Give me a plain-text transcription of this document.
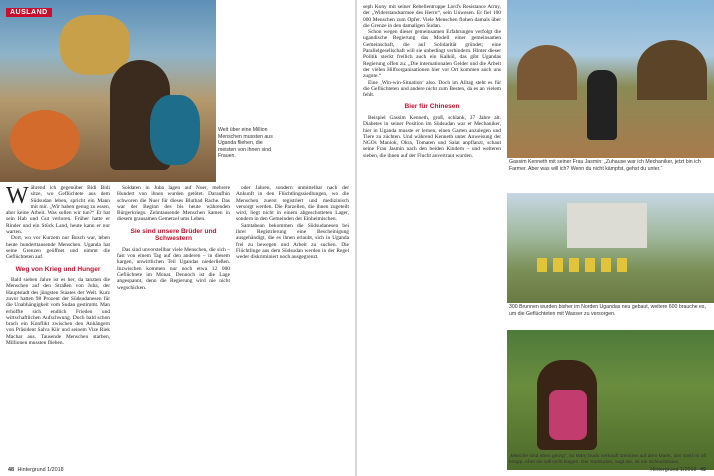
AUSLAND
Weit über eine Million Menschen mussten aus Uganda fliehen, die meisten von ihnen sind Frauen.

Während ich gegenüber Bidi Bidi sitze, wo Geflüchtete aus dem Südsudan leben, spricht ein Mann mit mir. „Wir haben genug zu essen, aber keine Arbeit. Was sollen wir tun?“ Er hat sein Hab und Gut verloren. Früher hatte er Rinder und ein Stück Land, heute kann er nur warten.

Dort, wo vor Kurzem nur Busch war, leben heute hunderttausende Menschen. Uganda hat seine Grenzen geöffnet und nimmt die Geflüchteten auf.

Weg von Krieg und Hunger

Bald sieben Jahre ist es her, da tanzten die Menschen auf den Straßen von Juba, der Hauptstadt des jüngsten Staates der Welt. Kurz zuvor hatten 98 Prozent der Südsudanesen für die Unabhängigkeit vom Sudan gestimmt. Man erhoffte sich endlich Frieden und wirtschaftlichen Aufschwung. Doch bald schon brach ein Konflikt zwischen den Anhängern von Präsident Salva Kiir und seinem Vize Riek Machar aus. Tausende Menschen starben, Millionen mussten fliehen.

Soldaten in Juba lagen auf Nuer, mehrere Hundert von ihnen wurden getötet. Daraufhin schworen die Nuer für dieses Blutbad Rache. Das war der Beginn des bis heute währenden Bürgerkriegs. Zehntausende Menschen kamen in diesem grausamen Gemetzel ums Leben.

Sie sind unsere Brüder und Schwestern

Das sind unvorstellbar viele Menschen, die sich – fast von einem Tag auf den anderen – in diesem kargen, unwirtlichen Teil Ugandas niederließen. Inzwischen kommen nur noch etwa 12 000 Geflüchtete im Monat. Dennoch ist die Lage angespannt, denn die Regierung wird nie nicht wegschicken.

oder Jahren, sondern unmittelbar nach der Ankunft in den Flüchtlingssiedlungen, wo die Menschen zuerst registriert und medizinisch versorgt werden. Die Parzellen, die ihnen zugeteilt wird, liegt nicht in einem abgeschotteten Lager, sondern in den Gemeinden der Einheimischen.

Samtabean bekommen die Südsudanesen bei ihrer Registrierung eine Bescheinigung ausgehändigt, die es ihnen erlaubt, sich in Uganda frei zu bewegen und Arbeit zu suchen. Die Flüchtlinge aus dem Südsudan werden in der Regel weder diskriminiert noch ausgegrenzt.

48 Hintergrund 1/2018

seph Kony mit seiner Rebellentruppe Lord's Resistance Army, der „Widerstandsarmee des Herrn“, sein Unwesen. Er fiel 100 000 Menschen zum Opfer. Viele Menschen flohen damals über die Grenze in den damaligen Sudan.

Schon wegen dieser gemeinsamen Erfahrungen verfolgt die ugandische Regierung das Modell einer gemeinsamen Gemeinschaft, die auf Solidarität gründet; eine Parallelgesellschaft will sie unbedingt verhindern. Hinter dieser Politik steckt freilich auch ein Kalkül, das gibt Ugandas Regierung offen zu: „Die internationalen Gelder und die Arbeit der vielen Hilfsorganisationen hier vor Ort kommen auch uns zugute.“

Eine ‚Win-win-Situation‘ also. Doch im Alltag steht es für die Geflüchteten und andere nicht zum Besten, da es an vielem fehlt.

Bier für Chinesen

Beispiel Gassim Kenneth, groß, schlank, 37 Jahre alt. Diabetes in seiner Position im Südsudan war er Mechaniker, hier in Uganda musste er lernen, einen Garten anzulegen und Tiere zu züchten. Und während Kenneth unter Anweisung der NGOs Maniok, Okra, Tomaten und Salat anpflanzt, schaut seine Frau Jasmin nach den beiden Kindern – und weiteren sieben, die ihnen auf der Flucht anvertraut wurden.

Gassim Kenneth mit seiner Frau Jasmin: „Zuhause war ich Mechaniker, jetzt bin ich Farmer. Aber was will ich? Wenn du nicht kämpfst, gehst du unter.“
300 Brunnen wurden bisher im Norden Ugandas neu gebaut, weitere 600 brauche es, um die Geflüchteten mit Wasser zu versorgen.
„Manche sind eben geizig“, so Mary Dudu verkauft Gemüse auf dem Markt, das Geld ist oft knapp. Aber sie will nicht klagen. Der Südsudan, sagt sie, ist ein Schlachthaus.
Hintergrund 1/2018 49
